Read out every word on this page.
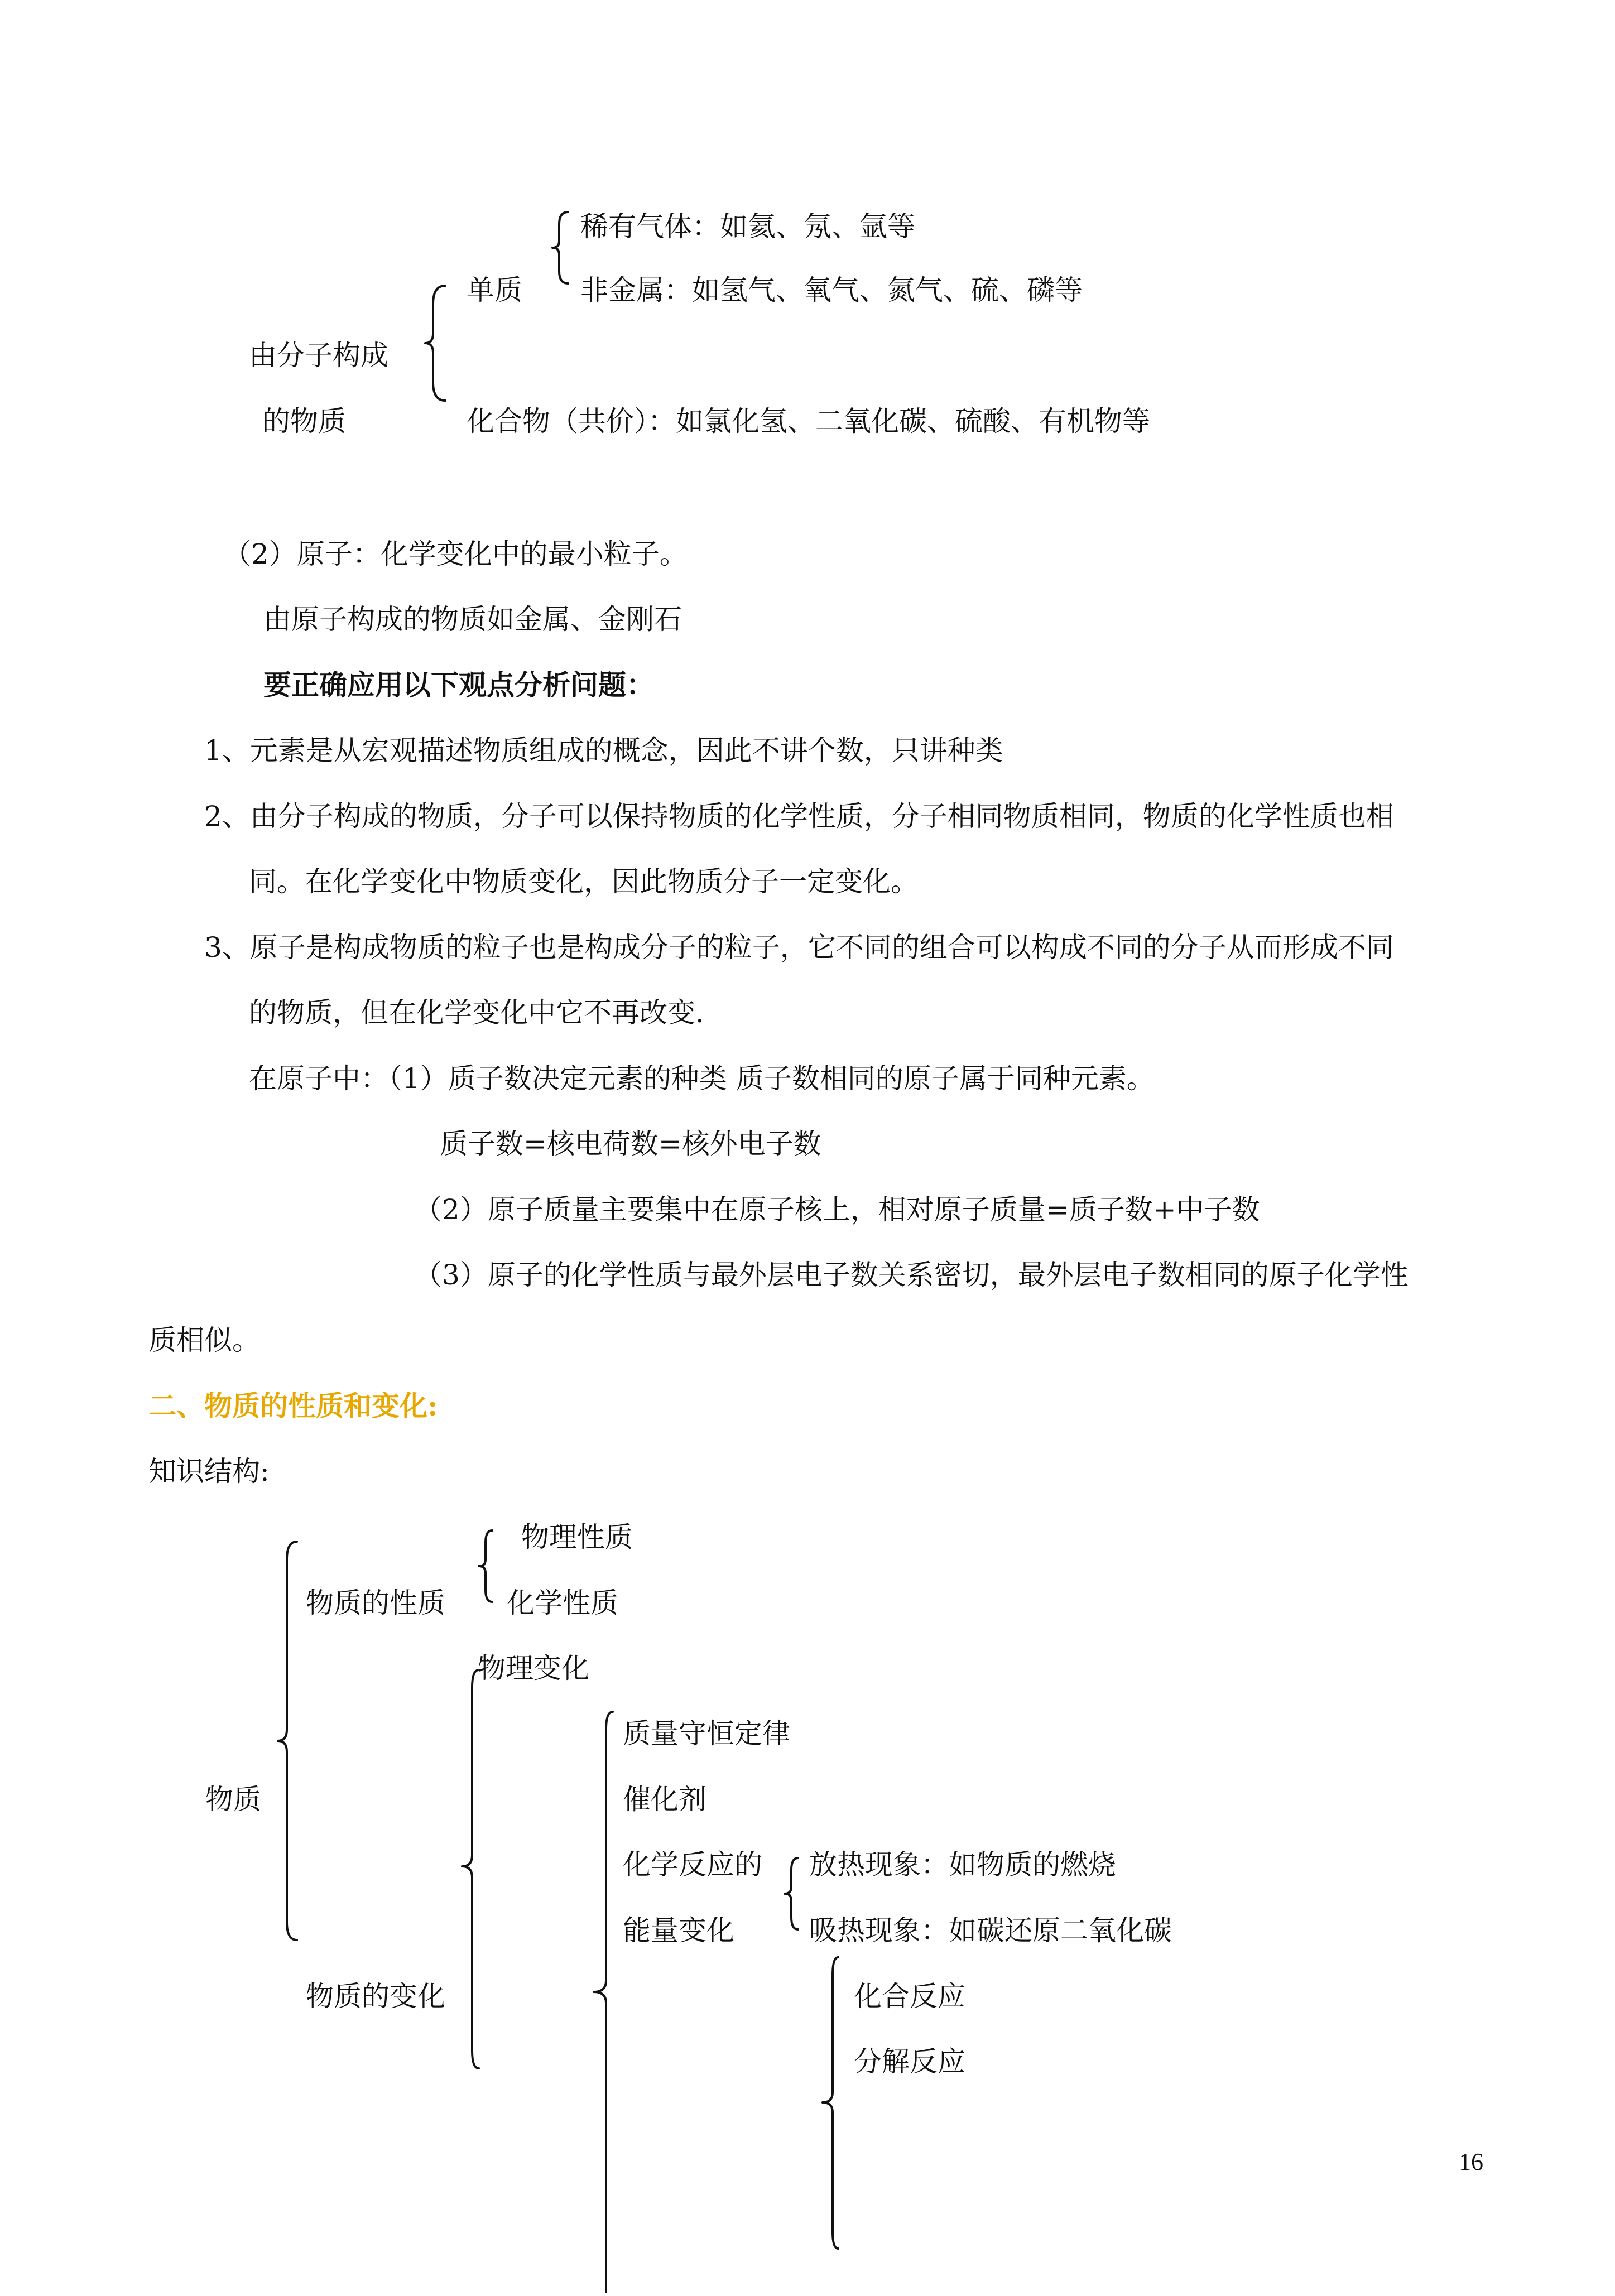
由分子构成
的物质
单质
稀有气体：如氦、氖、氩等
非金属：如氢气、氧气、氮气、硫、磷等
化合物（共价）：如氯化氢、二氧化碳、硫酸、有机物等
（2）原子：化学变化中的最小粒子。
由原子构成的物质如金属、金刚石
要正确应用以下观点分析问题：
1、元素是从宏观描述物质组成的概念，因此不讲个数，只讲种类
2、由分子构成的物质，分子可以保持物质的化学性质，分子相同物质相同，物质的化学性质也相
同。在化学变化中物质变化，因此物质分子一定变化。
3、原子是构成物质的粒子也是构成分子的粒子，它不同的组合可以构成不同的分子从而形成不同
的物质，但在化学变化中它不再改变.
在原子中：（1）质子数决定元素的种类 质子数相同的原子属于同种元素。
质子数=核电荷数=核外电子数
（2）原子质量主要集中在原子核上，相对原子质量=质子数+中子数
（3）原子的化学性质与最外层电子数关系密切，最外层电子数相同的原子化学性
质相似。
二、物质的性质和变化:
知识结构:
物质
物质的性质
物理性质
化学性质
物质的变化
物理变化
质量守恒定律
催化剂
化学反应的
能量变化
放热现象：如物质的燃烧
吸热现象：如碳还原二氧化碳
化合反应
分解反应
16
